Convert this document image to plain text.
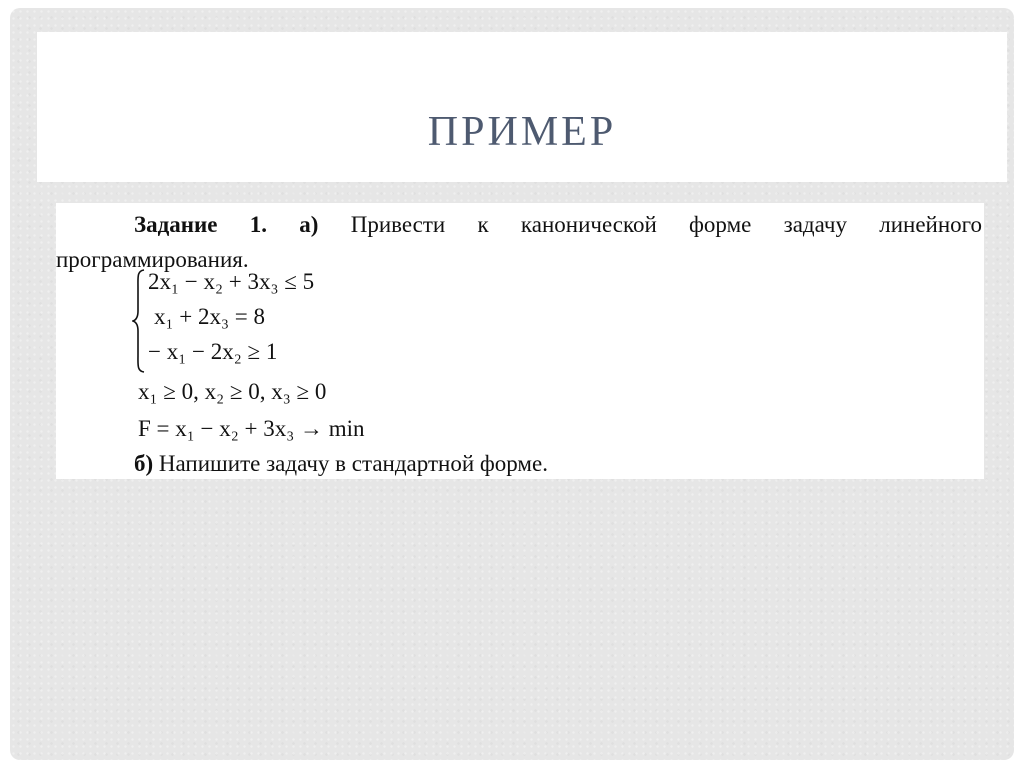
ПРИМЕР
Задание 1. а) Привести к канонической форме задачу линейного
программирования.
2x₁ − x₂ + 3x₃ ≤ 5
x₁ + 2x₃ = 8
− x₁ − 2x₂ ≥ 1
x₁ ≥ 0, x₂ ≥ 0, x₃ ≥ 0
F = x₁ − x₂ + 3x₃ → min
б) Напишите задачу в стандартной форме.
